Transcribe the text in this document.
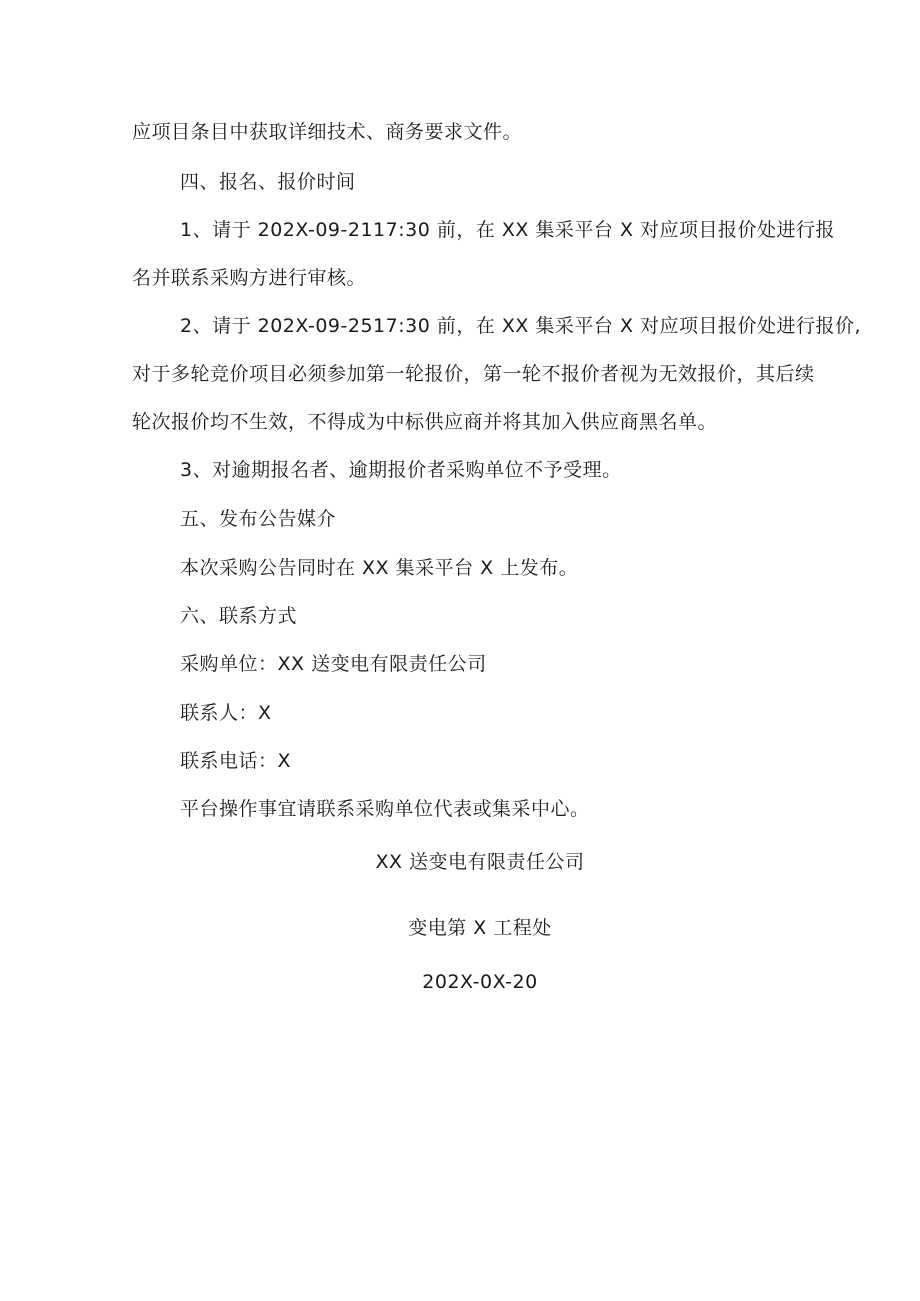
应项目条目中获取详细技术、商务要求文件。
四、报名、报价时间
1、请于 202X-09-2117:30 前，在 XX 集采平台 X 对应项目报价处进行报
名并联系采购方进行审核。
2、请于 202X-09-2517:30 前，在 XX 集采平台 X 对应项目报价处进行报价,
对于多轮竞价项目必须参加第一轮报价，第一轮不报价者视为无效报价，其后续
轮次报价均不生效，不得成为中标供应商并将其加入供应商黑名单。
3、对逾期报名者、逾期报价者采购单位不予受理。
五、发布公告媒介
本次采购公告同时在 XX 集采平台 X 上发布。
六、联系方式
采购单位：XX 送变电有限责任公司
联系人：X
联系电话：X
平台操作事宜请联系采购单位代表或集采中心。
XX 送变电有限责任公司
变电第 X 工程处
202X-0X-20
